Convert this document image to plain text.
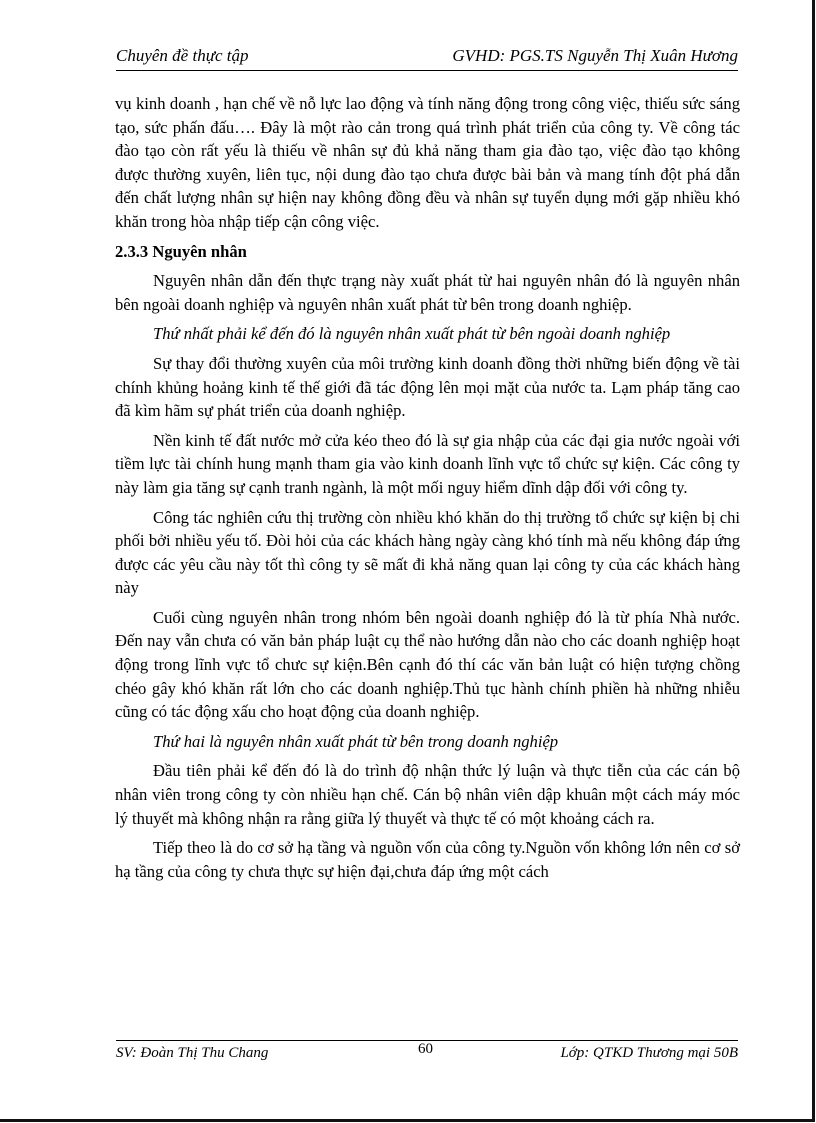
Chuyên đề thực tập	GVHD: PGS.TS Nguyễn Thị Xuân Hương

vụ kinh doanh , hạn chế về nỗ lực lao động và tính năng động trong công việc, thiếu sức sáng tạo, sức phấn đấu…. Đây là một rào cản trong quá trình phát triển của công ty. Về công tác đào tạo còn rất yếu là thiếu về nhân sự đủ khả năng tham gia đào tạo, việc đào tạo không được thường xuyên, liên tục, nội dung đào tạo chưa được bài bản và mang tính đột phá dẫn đến chất lượng nhân sự hiện nay không đồng đều và nhân sự tuyển dụng mới gặp nhiều khó khăn trong hòa nhập tiếp cận công việc.

2.3.3 Nguyên nhân

Nguyên nhân dẫn đến thực trạng này xuất phát từ hai nguyên nhân đó là nguyên nhân bên ngoài doanh nghiệp và nguyên nhân xuất phát từ bên trong doanh nghiệp.

Thứ nhất phải kể đến đó là nguyên nhân xuất phát từ bên ngoài doanh nghiệp

Sự thay đổi thường xuyên của môi trường kinh doanh đồng thời những biến động về tài chính khủng hoảng kinh tế thế giới đã tác động lên mọi mặt của nước ta. Lạm pháp tăng cao đã kìm hãm sự phát triển của doanh nghiệp.

Nền kinh tế đất nước mở cửa kéo theo đó là sự gia nhập của các đại gia nước ngoài với tiềm lực tài chính hung mạnh tham gia vào kinh doanh lĩnh vực tổ chức sự kiện. Các công ty này làm gia tăng sự cạnh tranh ngành, là một mối nguy hiểm dĩnh dập đối với công ty.

Công tác nghiên cứu thị trường còn nhiều khó khăn do thị trường tổ chức sự kiện bị chi phối bởi nhiều yếu tố. Đòi hỏi của các khách hàng ngày càng khó tính mà nếu không đáp ứng được các yêu cầu này tốt thì công ty sẽ mất đi khả năng quan lại công ty của các khách hàng này

Cuối cùng nguyên nhân trong nhóm bên ngoài doanh nghiệp đó là từ phía Nhà nước. Đến nay vẫn chưa có văn bản pháp luật cụ thể nào hướng dẫn nào cho các doanh nghiệp hoạt động trong lĩnh vực tổ chưc sự kiện.Bên cạnh đó thí các văn bản luật có hiện tượng chồng chéo gây khó khăn rất lớn cho các doanh nghiệp.Thủ tục hành chính phiền hà những nhiễu cũng có tác động xấu cho hoạt động của doanh nghiệp.

Thứ hai là nguyên nhân xuất phát từ bên trong doanh nghiệp

Đầu tiên phải kể đến đó là do trình độ nhận thức lý luận và thực tiễn của các cán bộ nhân viên trong công ty còn nhiều hạn chế. Cán bộ nhân viên dập khuân một cách máy móc lý thuyết mà không nhận ra rằng giữa lý thuyết và thực tế có một khoảng cách ra.

Tiếp theo là do cơ sở hạ tầng và nguồn vốn của công ty.Nguồn vốn không lớn nên cơ sở hạ tầng của công ty chưa thực sự hiện đại,chưa đáp ứng một cách

SV: Đoàn Thị Thu Chang	60	Lớp: QTKD Thương mại 50B
